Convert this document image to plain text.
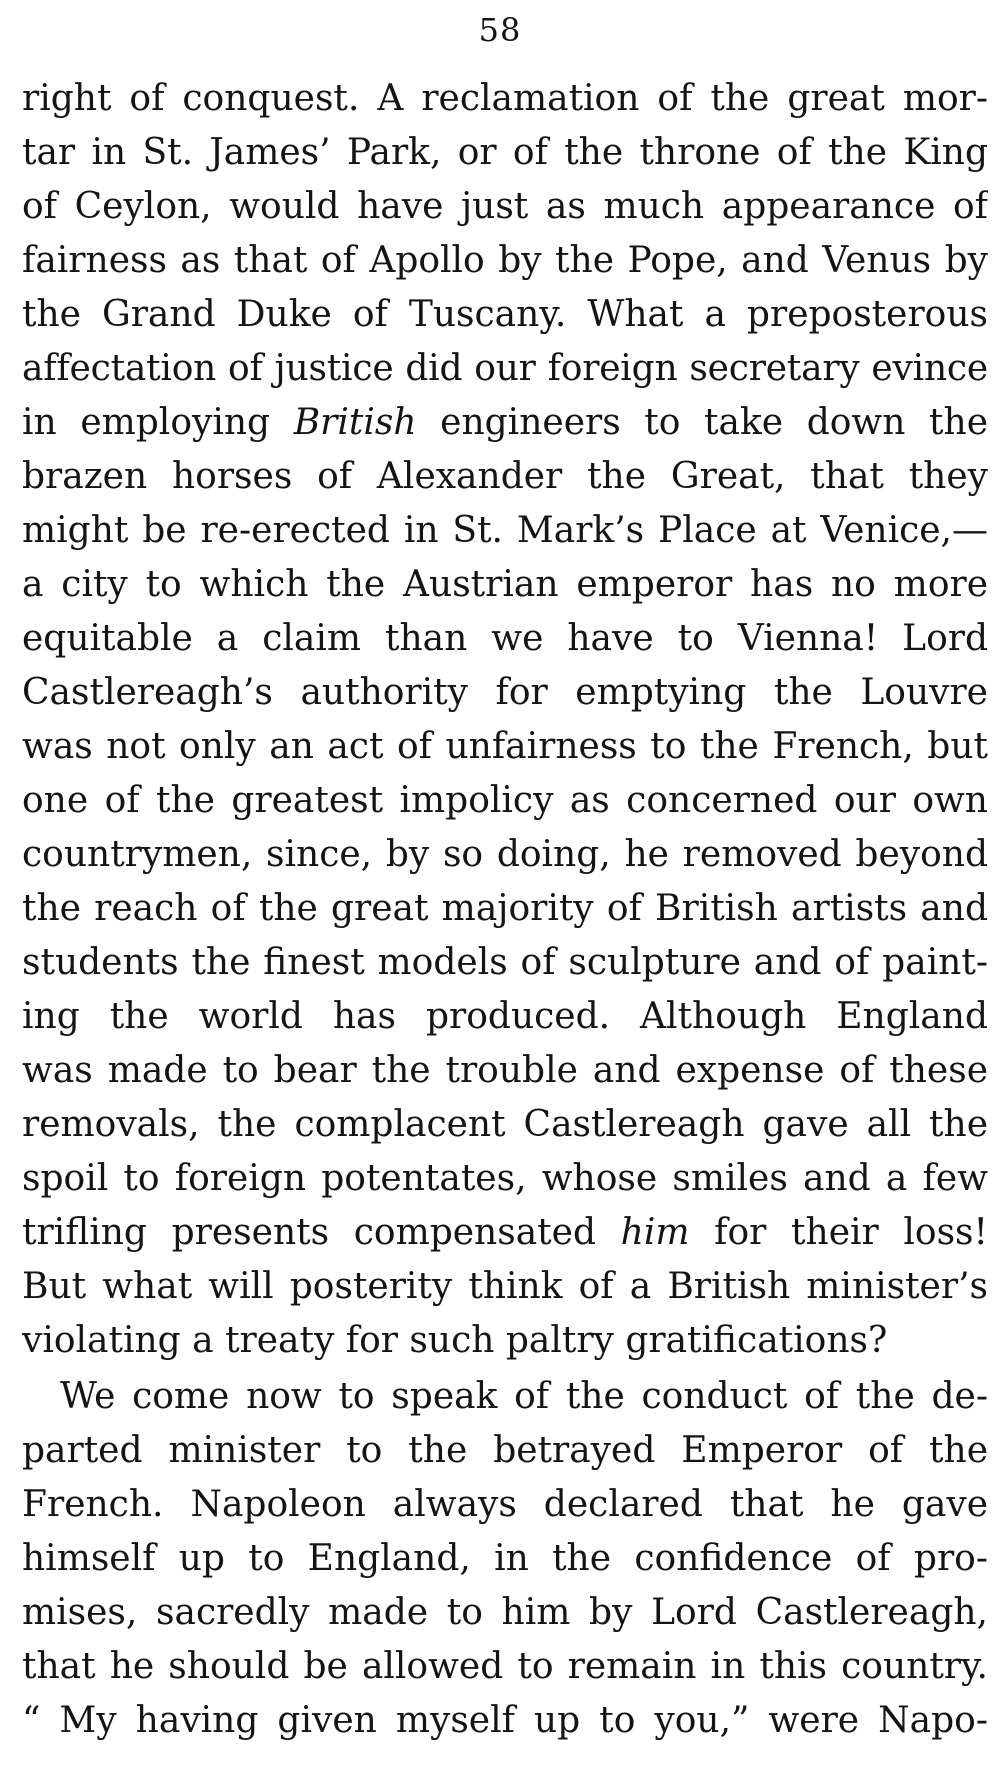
58
right of conquest. A reclamation of the great mor-
tar in St. James’ Park, or of the throne of the King
of Ceylon, would have just as much appearance of
fairness as that of Apollo by the Pope, and Venus by
the Grand Duke of Tuscany. What a preposterous
affectation of justice did our foreign secretary evince
in employing British engineers to take down the
brazen horses of Alexander the Great, that they
might be re-erected in St. Mark’s Place at Venice,—
a city to which the Austrian emperor has no more
equitable a claim than we have to Vienna! Lord
Castlereagh’s authority for emptying the Louvre
was not only an act of unfairness to the French, but
one of the greatest impolicy as concerned our own
countrymen, since, by so doing, he removed beyond
the reach of the great majority of British artists and
students the finest models of sculpture and of paint-
ing the world has produced. Although England
was made to bear the trouble and expense of these
removals, the complacent Castlereagh gave all the
spoil to foreign potentates, whose smiles and a few
trifling presents compensated him for their loss!
But what will posterity think of a British minister’s
violating a treaty for such paltry gratifications?
We come now to speak of the conduct of the de-
parted minister to the betrayed Emperor of the
French. Napoleon always declared that he gave
himself up to England, in the confidence of pro-
mises, sacredly made to him by Lord Castlereagh,
that he should be allowed to remain in this country.
“ My having given myself up to you,” were Napo-
